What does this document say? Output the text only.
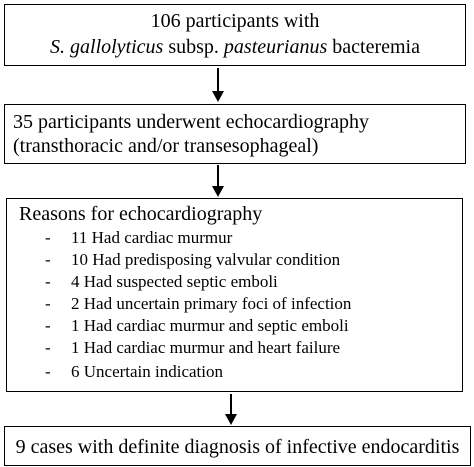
106 participants with
S. gallolyticus subsp. pasteurianus bacteremia
35 participants underwent echocardiography
(transthoracic and/or transesophageal)
Reasons for echocardiography
- 11 Had cardiac murmur
- 10 Had predisposing valvular condition
- 4 Had suspected septic emboli
- 2 Had uncertain primary foci of infection
- 1 Had cardiac murmur and septic emboli
- 1 Had cardiac murmur and heart failure
- 6 Uncertain indication
9 cases with definite diagnosis of infective endocarditis
